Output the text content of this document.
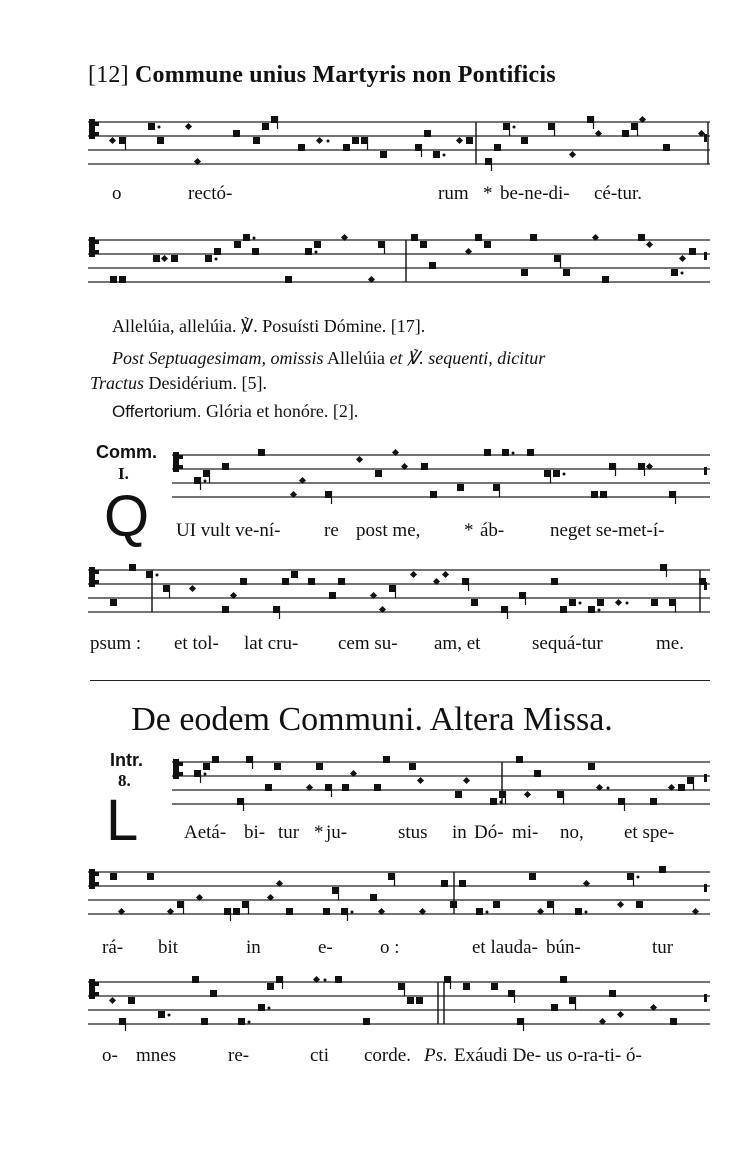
[12] Commune unius Martyris non Pontificis
o	rectó-	rum * be-ne-di- cé-tur.
Allelúia, allelúia. ℣. Posuísti Dómine. [17].
Post Septuagesimam, omissis Allelúia et ℣. sequenti, dicitur
Tractus Desidérium. [5].
Offertorium. Glória et honóre. [2].
Comm.
I.
Q UI vult ve-ní- re post me, * áb- neget se-met-í-
psum : et tol- lat cru- cem su- am, et	sequá-tur	me.
De eodem Communi. Altera Missa.
Intr.
8.
L Aetá- bi- tur * ju-	stus in Dó- mi- no, et spe-
rá- bit	in	e- o :	et lauda- bún-	tur
o- mnes	re-	cti corde. Ps. Exáudi De- us o-ra-ti- ó-
